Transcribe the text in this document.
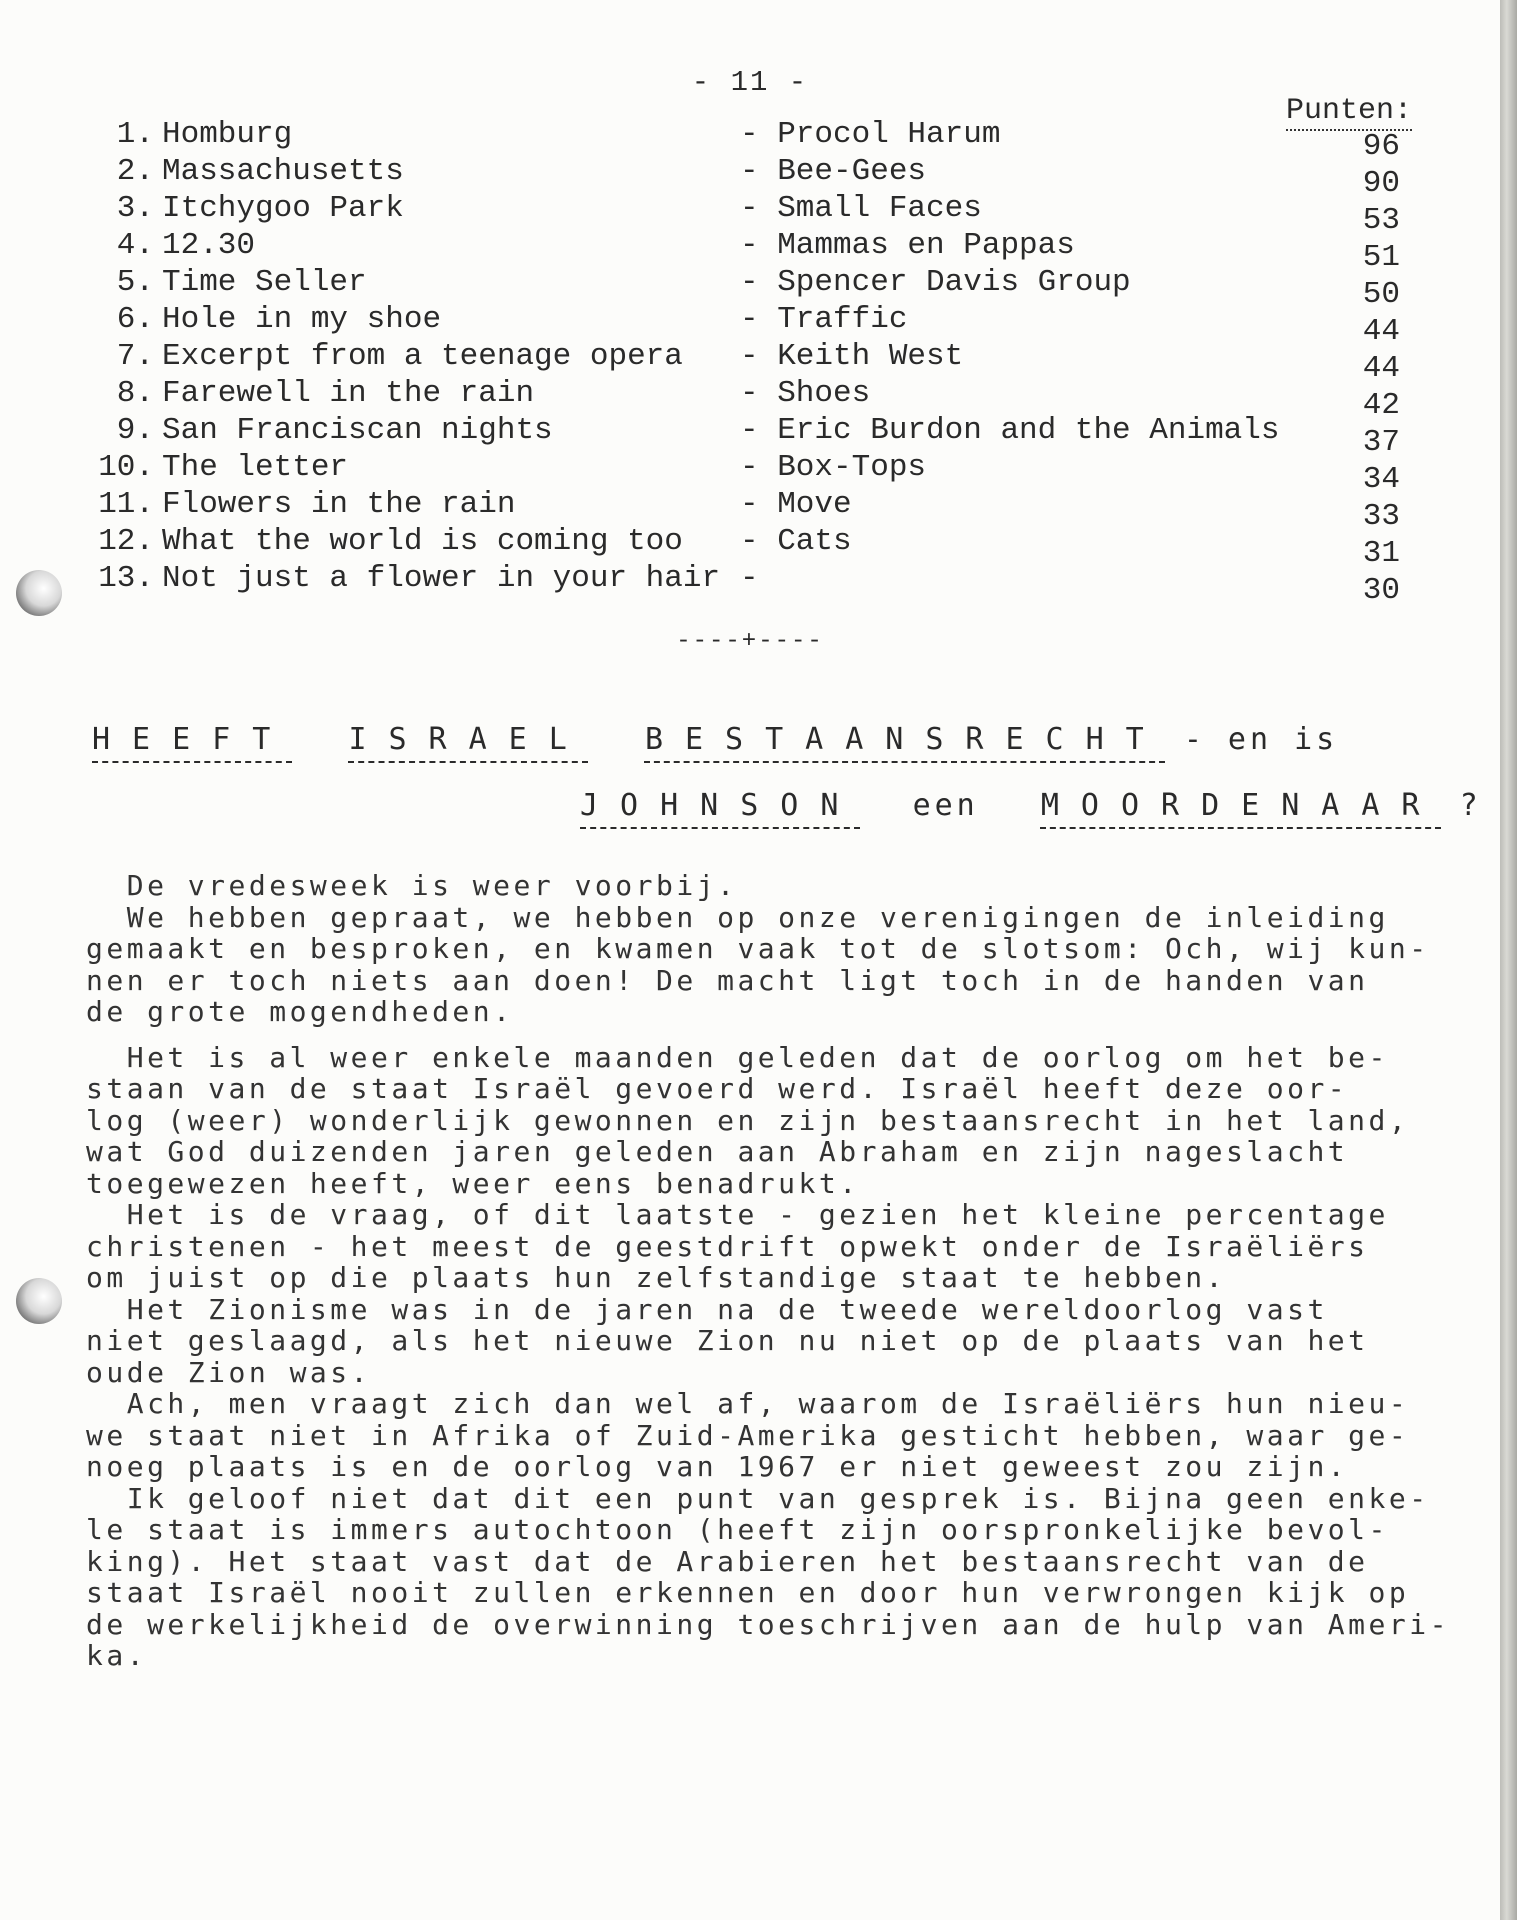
- 11 -
Punten:
1. Homburg	- Procol Harum	96
2. Massachusetts	- Bee-Gees	90
3. Itchygoo Park	- Small Faces	53
4. 12.30	- Mammas en Pappas	51
5. Time Seller	- Spencer Davis Group	50
6. Hole in my shoe	- Traffic	44
7. Excerpt from a teenage opera - Keith West	44
8. Farewell in the rain	- Shoes	42
9. San Franciscan nights	- Eric Burdon and the Animals	37
10. The letter	- Box-Tops	34
11. Flowers in the rain	- Move	33
12. What the world is coming too - Cats	31
13. Not just a flower in your hair -	30
----+----
HEEFT ISRAEL BESTAANSRECHT - en is
JOHNSON een MOORDENAAR ?

De vredesweek is weer voorbij.

We hebben gepraat, we hebben op onze verenigingen de inleiding

gemaakt en besproken, en kwamen vaak tot de slotsom: Och, wij kun-

nen er toch niets aan doen! De macht ligt toch in de handen van

de grote mogendheden.

Het is al weer enkele maanden geleden dat de oorlog om het be-

staan van de staat Israël gevoerd werd. Israël heeft deze oor-

log (weer) wonderlijk gewonnen en zijn bestaansrecht in het land,

wat God duizenden jaren geleden aan Abraham en zijn nageslacht

toegewezen heeft, weer eens benadrukt.

Het is de vraag, of dit laatste - gezien het kleine percentage

christenen - het meest de geestdrift opwekt onder de Israëliërs

om juist op die plaats hun zelfstandige staat te hebben.

Het Zionisme was in de jaren na de tweede wereldoorlog vast

niet geslaagd, als het nieuwe Zion nu niet op de plaats van het

oude Zion was.

Ach, men vraagt zich dan wel af, waarom de Israëliërs hun nieu-

we staat niet in Afrika of Zuid-Amerika gesticht hebben, waar ge-

noeg plaats is en de oorlog van 1967 er niet geweest zou zijn.

Ik geloof niet dat dit een punt van gesprek is. Bijna geen enke-

le staat is immers autochtoon (heeft zijn oorspronkelijke bevol-

king). Het staat vast dat de Arabieren het bestaansrecht van de

staat Israël nooit zullen erkennen en door hun verwrongen kijk op

de werkelijkheid de overwinning toeschrijven aan de hulp van Ameri-

ka.
